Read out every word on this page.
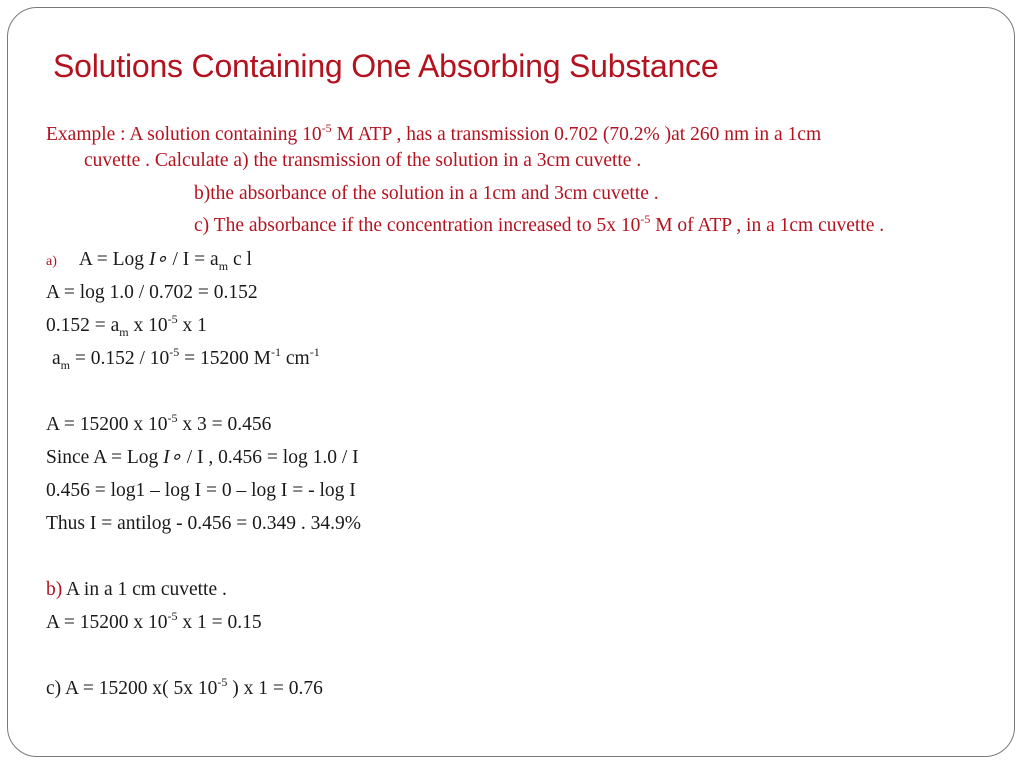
Solutions Containing One Absorbing Substance
Example : A solution containing $10^{-5}$ M ATP , has a transmission 0.702 (70.2% )at 260 nm in a 1cm
cuvette . Calculate a) the transmission of the solution in a 3cm cuvette .
b)the absorbance of the solution in a 1cm and 3cm cuvette .
c) The absorbance if the concentration increased to 5x $10^{-5}$ M of ATP , in a 1cm cuvette .
a) A = Log I∘ / $I = a_m$ c l
A = log 1.0 / 0.702 = 0.152
$0.152 = a_m$ x $10^{-5}$ x 1
$a_m = 0.152 / 10^{-5} = 15200$ $M^{-1}$ $cm^{-1}$
A = 15200 x $10^{-5}$ x 3 = 0.456
Since A = Log I∘ / I , 0.456 = log 1.0 / I
0.456 = log1 – log I = 0 – log I = - log I
Thus I = antilog - 0.456 = 0.349 . 34.9%
b) A in a 1 cm cuvette .
A = 15200 x $10^{-5}$ x 1 = 0.15
c) A = 15200 x( 5x $10^{-5}$ ) x 1 = 0.76
